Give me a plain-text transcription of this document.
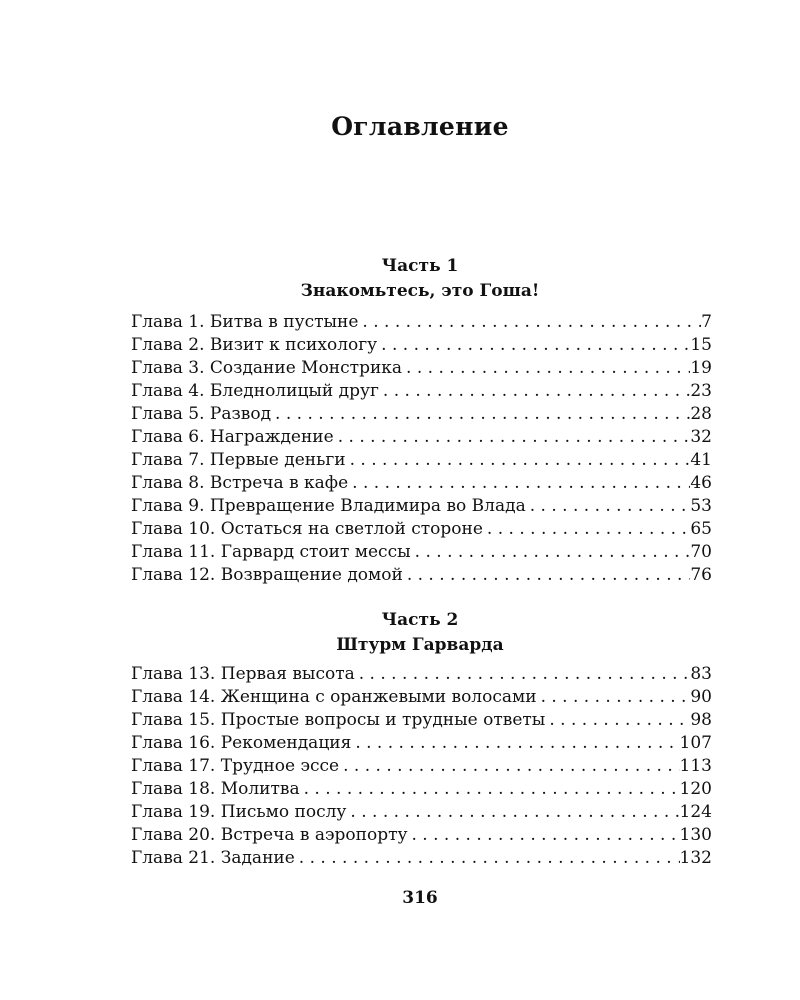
Оглавление
Часть 1
Знакомьтесь, это Гоша!
Глава 1. Битва в пустыне . . .	7
Глава 2. Визит к психологу . . .	15
Глава 3. Создание Монстрика . . .	19
Глава 4. Бледнолицый друг . . .	23
Глава 5. Развод . . .	28
Глава 6. Награждение . . .	32
Глава 7. Первые деньги . . .	41
Глава 8. Встреча в кафе . . .	46
Глава 9. Превращение Владимира во Влада . . .	53
Глава 10. Остаться на светлой стороне . . .	65
Глава 11. Гарвард стоит мессы . . .	70
Глава 12. Возвращение домой . . .	76
Часть 2
Штурм Гарварда
Глава 13. Первая высота . . .	83
Глава 14. Женщина с оранжевыми волосами . . .	90
Глава 15. Простые вопросы и трудные ответы . . .	98
Глава 16. Рекомендация . . .	107
Глава 17. Трудное эссе . . .	113
Глава 18. Молитва . . .	120
Глава 19. Письмо послу . . .	124
Глава 20. Встреча в аэропорту . . .	130
Глава 21. Задание . . .	132
316
